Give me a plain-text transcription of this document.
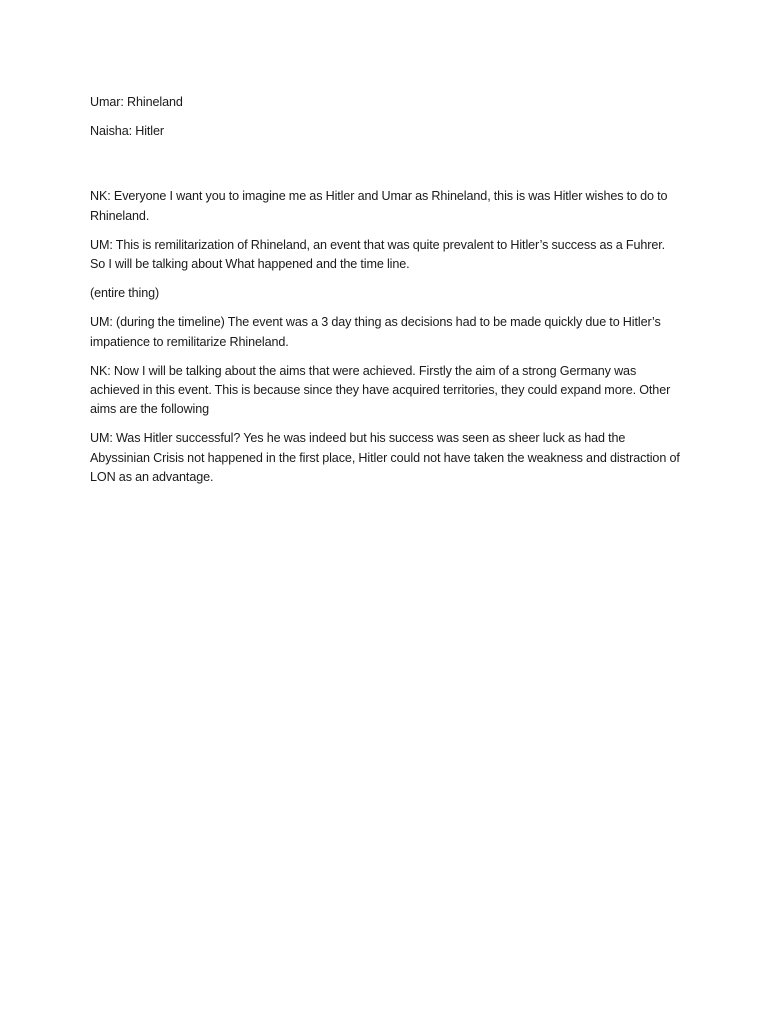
Umar: Rhineland

Naisha: Hitler

NK: Everyone I want you to imagine me as Hitler and Umar as Rhineland, this is was Hitler wishes to do to Rhineland.

UM: This is remilitarization of Rhineland, an event that was quite prevalent to Hitler’s success as a Fuhrer. So I will be talking about What happened and the time line.

(entire thing)

UM: (during the timeline) The event was a 3 day thing as decisions had to be made quickly due to Hitler’s impatience to remilitarize Rhineland.

NK: Now I will be talking about the aims that were achieved. Firstly the aim of a strong Germany was achieved in this event. This is because since they have acquired territories, they could expand more. Other aims are the following

UM: Was Hitler successful? Yes he was indeed but his success was seen as sheer luck as had the Abyssinian Crisis not happened in the first place, Hitler could not have taken the weakness and distraction of LON as an advantage.
